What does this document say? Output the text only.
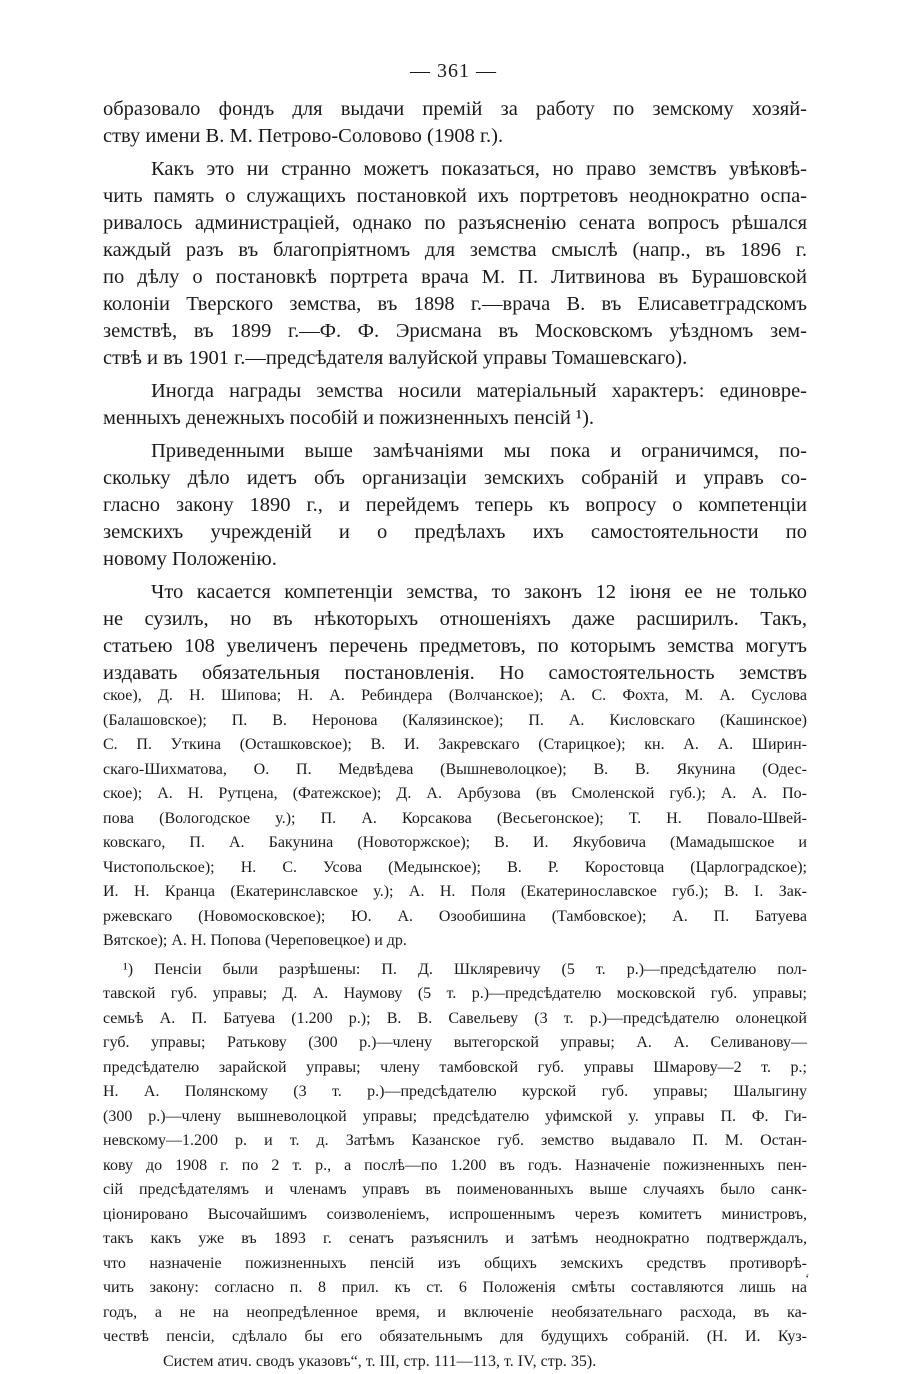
— 361 —
образовало фондъ для выдачи премій за работу по земскому хозяй-
ству имени В. М. Петрово-Соловово (1908 г.).
Какъ это ни странно можетъ показаться, но право земствъ увѣковѣ-
чить память о служащихъ постановкой ихъ портретовъ неоднократно оспа-
ривалось администраціей, однако по разъясненію сената вопросъ рѣшался
каждый разъ въ благопріятномъ для земства смыслѣ (напр., въ 1896 г.
по дѣлу о постановкѣ портрета врача М. П. Литвинова въ Бурашовской
колоніи Тверского земства, въ 1898 г.—врача В. въ Елисаветградскомъ
земствѣ, въ 1899 г.—Ф. Ф. Эрисмана въ Московскомъ уѣздномъ зем-
ствѣ и въ 1901 г.—предсѣдателя валуйской управы Томашевскаго).
Иногда награды земства носили матеріальный характеръ: единовре-
менныхъ денежныхъ пособій и пожизненныхъ пенсій ¹).
Приведенными выше замѣчаніями мы пока и ограничимся, по-
скольку дѣло идетъ объ организаціи земскихъ собраній и управъ со-
гласно закону 1890 г., и перейдемъ теперь къ вопросу о компетенціи
земскихъ учрежденій и о предѣлахъ ихъ самостоятельности по
новому Положенію.
Что касается компетенціи земства, то законъ 12 іюня ее не только
не сузилъ, но въ нѣкоторыхъ отношеніяхъ даже расширилъ. Такъ,
статьею 108 увеличенъ перечень предметовъ, по которымъ земства могутъ
издавать обязательныя постановленія. Но самостоятельность земствъ
ское), Д. Н. Шипова; Н. А. Ребиндера (Волчанское); А. С. Фохта, М. А. Суслова
(Балашовское); П. В. Неронова (Калязинское); П. А. Кисловскаго (Кашинское)
С. П. Уткина (Осташковское); В. И. Закревскаго (Старицкое); кн. А. А. Ширин-
скаго-Шихматова, О. П. Медвѣдева (Вышневолоцкое); В. В. Якунина (Одес-
ское); А. Н. Рутцена, (Фатежское); Д. А. Арбузова (въ Смоленской губ.); А. А. По-
пова (Вологодское у.); П. А. Корсакова (Весьегонское); Т. Н. Повало-Швей-
ковскаго, П. А. Бакунина (Новоторжское); В. И. Якубовича (Мамадышское и
Чистопольское); Н. С. Усова (Медынское); В. Р. Коростовца (Царлоградское);
И. Н. Кранца (Екатеринславское у.); А. Н. Поля (Екатеринославское губ.); В. І. Зак-
ржевскаго (Новомосковское); Ю. А. Озообишина (Тамбовское); А. П. Батуева
Вятское); А. Н. Попова (Череповецкое) и др.
¹) Пенсіи были разрѣшены: П. Д. Шкляревичу (5 т. р.)—предсѣдателю пол-
тавской губ. управы; Д. А. Наумову (5 т. р.)—предсѣдателю московской губ. управы;
семьѣ А. П. Батуева (1.200 р.); В. В. Савельеву (3 т. р.)—предсѣдателю олонецкой
губ. управы; Ратькову (300 р.)—члену вытегорской управы; А. А. Селиванову—
предсѣдателю зарайской управы; члену тамбовской губ. управы Шмарову—2 т. р.;
Н. А. Полянскому (3 т. р.)—предсѣдателю курской губ. управы; Шалыгину
(300 р.)—члену вышневолоцкой управы; предсѣдателю уфимской у. управы П. Ф. Ги-
невскому—1.200 р. и т. д. Затѣмъ Казанское губ. земство выдавало П. М. Остан-
кову до 1908 г. по 2 т. р., а послѣ—по 1.200 въ годъ. Назначеніе пожизненныхъ пен-
сій предсѣдателямъ и членамъ управъ въ поименованныхъ выше случаяхъ было санк-
ціонировано Высочайшимъ соизволеніемъ, испрошеннымъ черезъ комитетъ министровъ,
такъ какъ уже въ 1893 г. сенатъ разъяснилъ и затѣмъ неоднократно подтверждалъ,
что назначеніе пожизненныхъ пенсій изъ общихъ земскихъ средствъ противорѣ-
чить закону: согласно п. 8 прил. къ ст. 6 Положенія смѣты составляются лишь на
годъ, а не на неопредѣленное время, и включеніе необязательнаго расхода, въ ка-
чествѣ пенсіи, сдѣлало бы его обязательнымъ для будущихъ собраній. (Н. И. Куз-
Систем атич. сводъ указовъ“, т. III, стр. 111—113, т. IV, стр. 35).
‘
